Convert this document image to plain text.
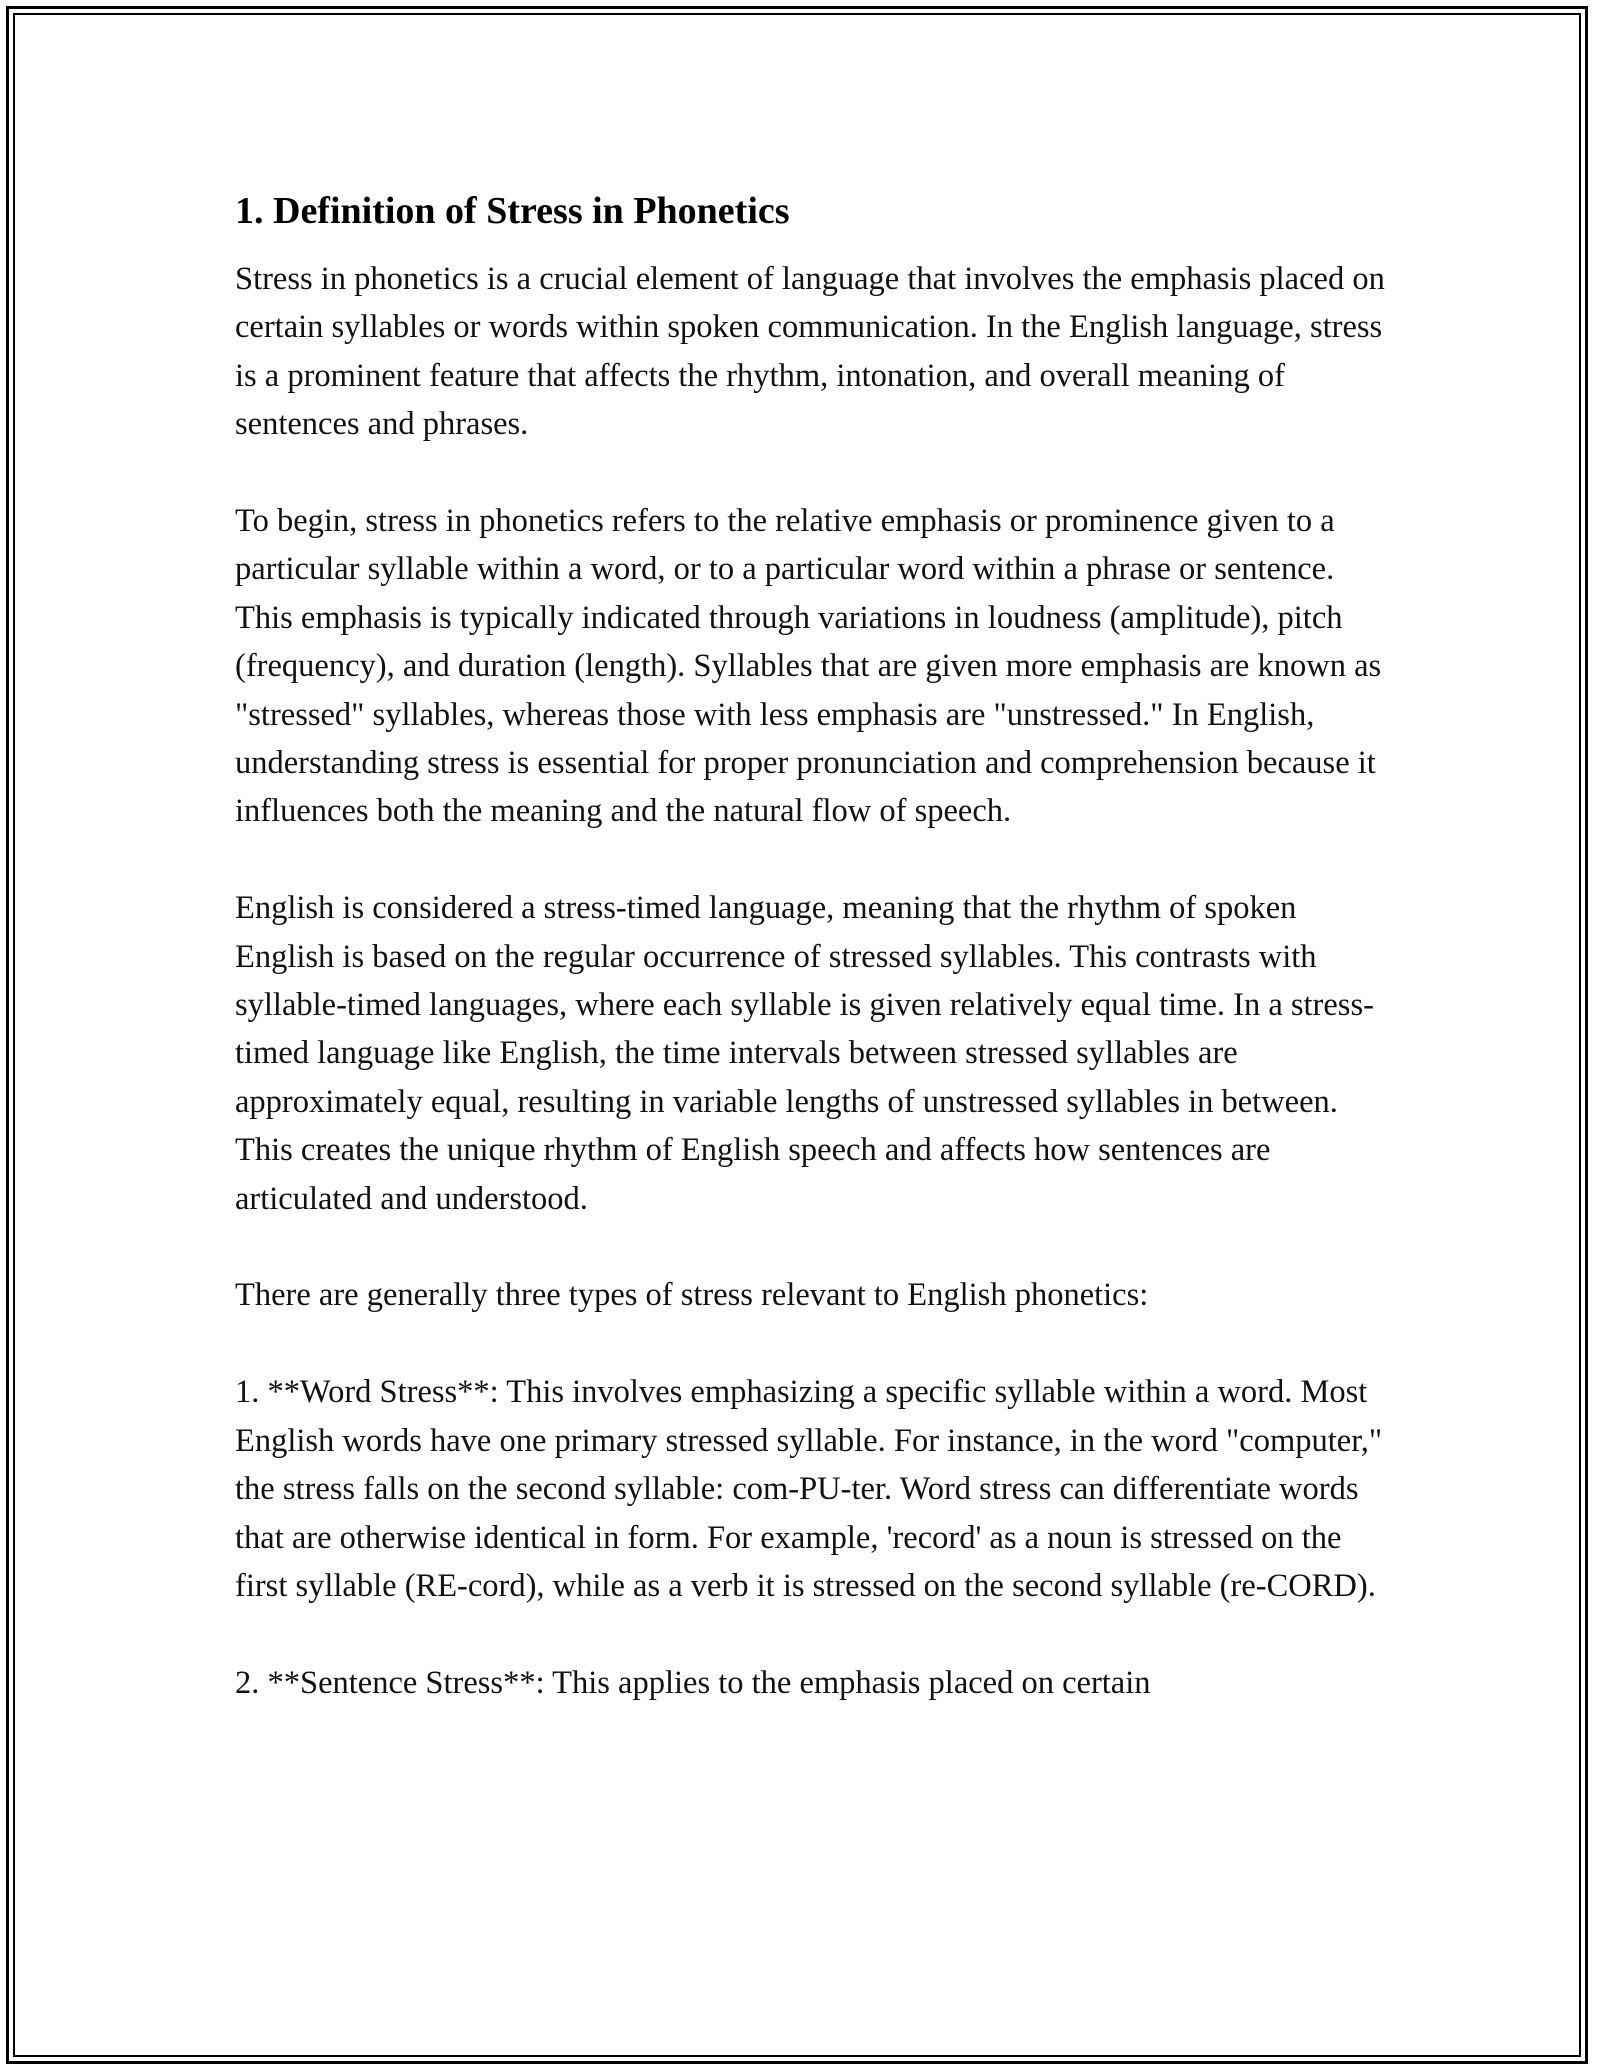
1. Definition of Stress in Phonetics

Stress in phonetics is a crucial element of language that involves the emphasis placed on certain syllables or words within spoken communication. In the English language, stress is a prominent feature that affects the rhythm, intonation, and overall meaning of sentences and phrases.

To begin, stress in phonetics refers to the relative emphasis or prominence given to a particular syllable within a word, or to a particular word within a phrase or sentence. This emphasis is typically indicated through variations in loudness (amplitude), pitch (frequency), and duration (length). Syllables that are given more emphasis are known as "stressed" syllables, whereas those with less emphasis are "unstressed." In English, understanding stress is essential for proper pronunciation and comprehension because it influences both the meaning and the natural flow of speech.

English is considered a stress-timed language, meaning that the rhythm of spoken English is based on the regular occurrence of stressed syllables. This contrasts with syllable-timed languages, where each syllable is given relatively equal time. In a stress-timed language like English, the time intervals between stressed syllables are approximately equal, resulting in variable lengths of unstressed syllables in between. This creates the unique rhythm of English speech and affects how sentences are articulated and understood.

There are generally three types of stress relevant to English phonetics:

1. **Word Stress**: This involves emphasizing a specific syllable within a word. Most English words have one primary stressed syllable. For instance, in the word "computer," the stress falls on the second syllable: com-PU-ter. Word stress can differentiate words that are otherwise identical in form. For example, 'record' as a noun is stressed on the first syllable (RE-cord), while as a verb it is stressed on the second syllable (re-CORD).

2. **Sentence Stress**: This applies to the emphasis placed on certain
